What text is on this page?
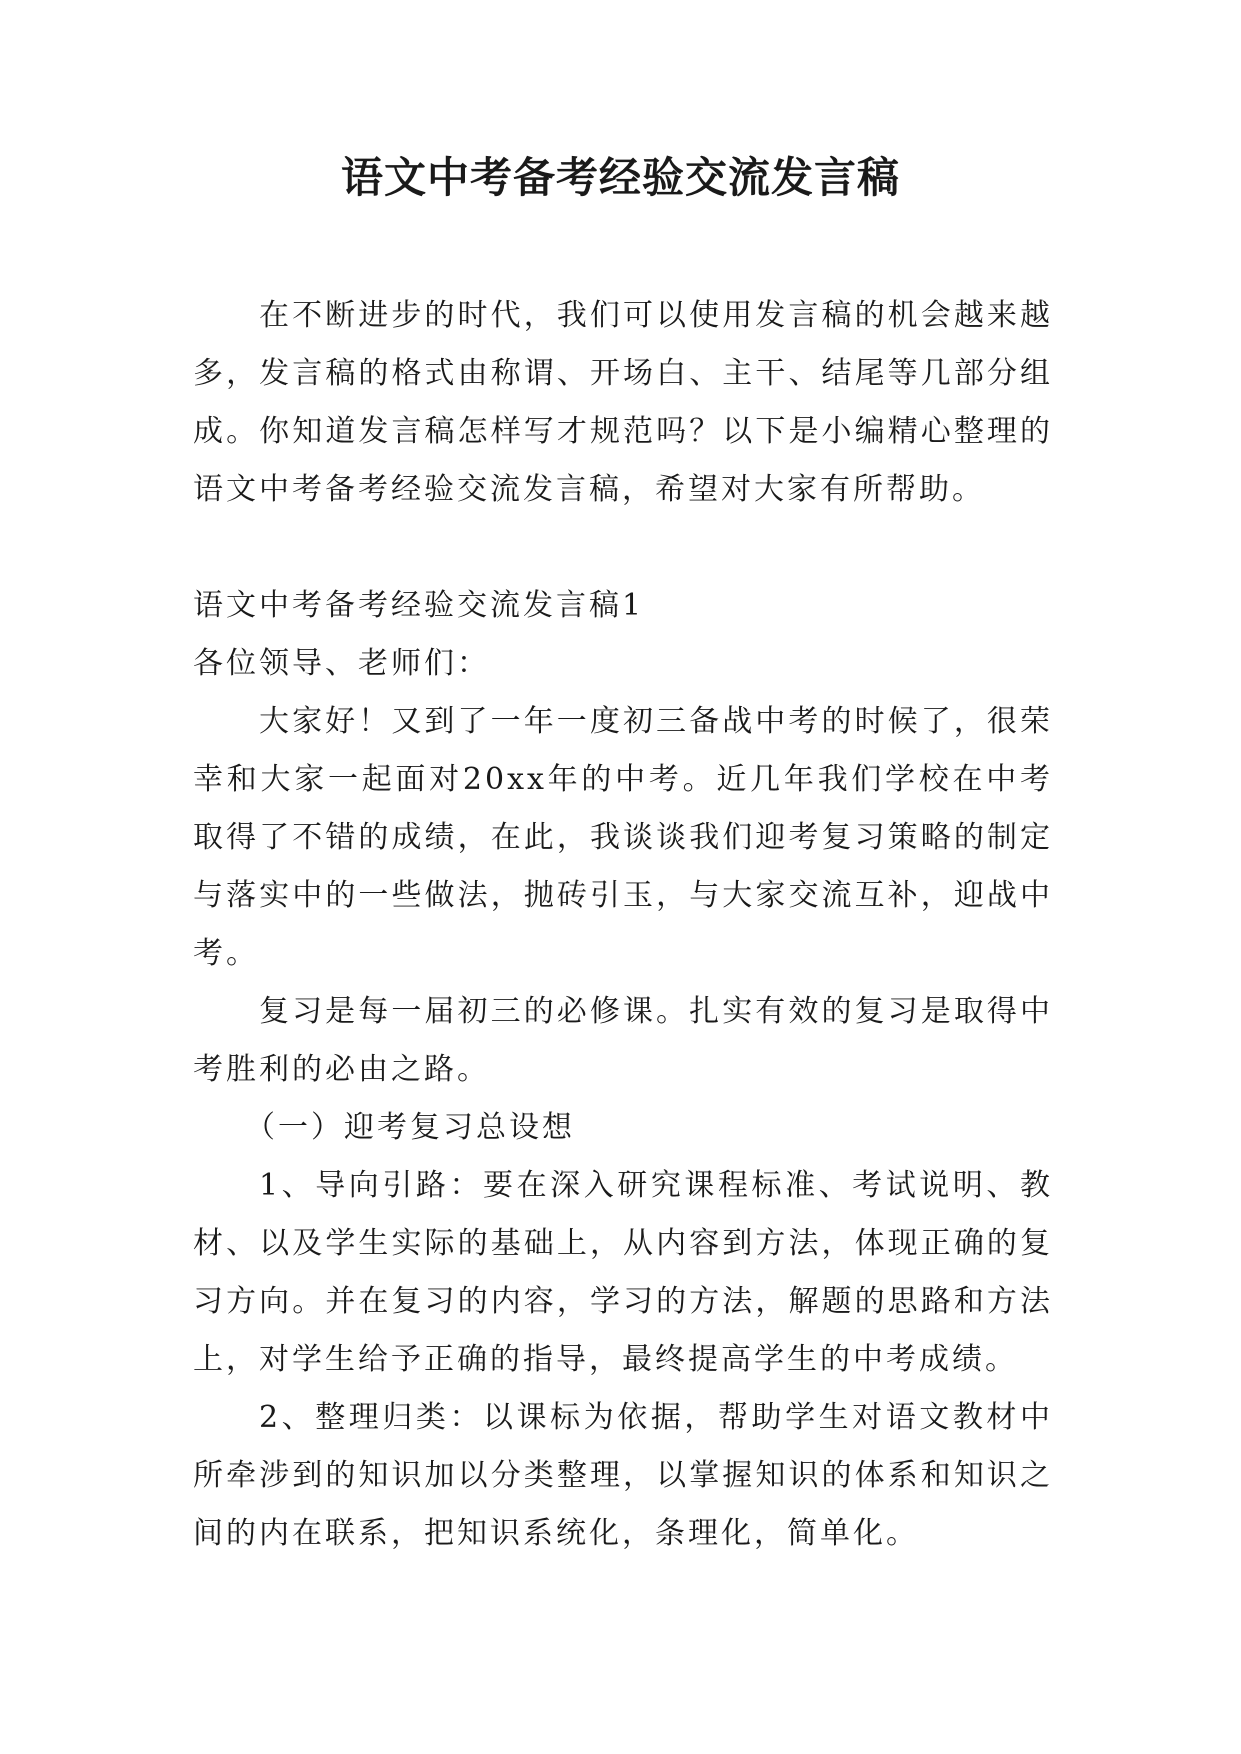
语文中考备考经验交流发言稿

在不断进步的时代，我们可以使用发言稿的机会越来越多，发言稿的格式由称谓、开场白、主干、结尾等几部分组成。你知道发言稿怎样写才规范吗？以下是小编精心整理的语文中考备考经验交流发言稿，希望对大家有所帮助。

语文中考备考经验交流发言稿1

各位领导、老师们：

大家好！又到了一年一度初三备战中考的时候了，很荣幸和大家一起面对20xx年的中考。近几年我们学校在中考取得了不错的成绩，在此，我谈谈我们迎考复习策略的制定与落实中的一些做法，抛砖引玉，与大家交流互补，迎战中考。

复习是每一届初三的必修课。扎实有效的复习是取得中考胜利的必由之路。

（一）迎考复习总设想

1、导向引路：要在深入研究课程标准、考试说明、教材、以及学生实际的基础上，从内容到方法，体现正确的复习方向。并在复习的内容，学习的方法，解题的思路和方法上，对学生给予正确的指导，最终提高学生的中考成绩。

2、整理归类：以课标为依据，帮助学生对语文教材中所牵涉到的知识加以分类整理，以掌握知识的体系和知识之间的内在联系，把知识系统化，条理化，简单化。
